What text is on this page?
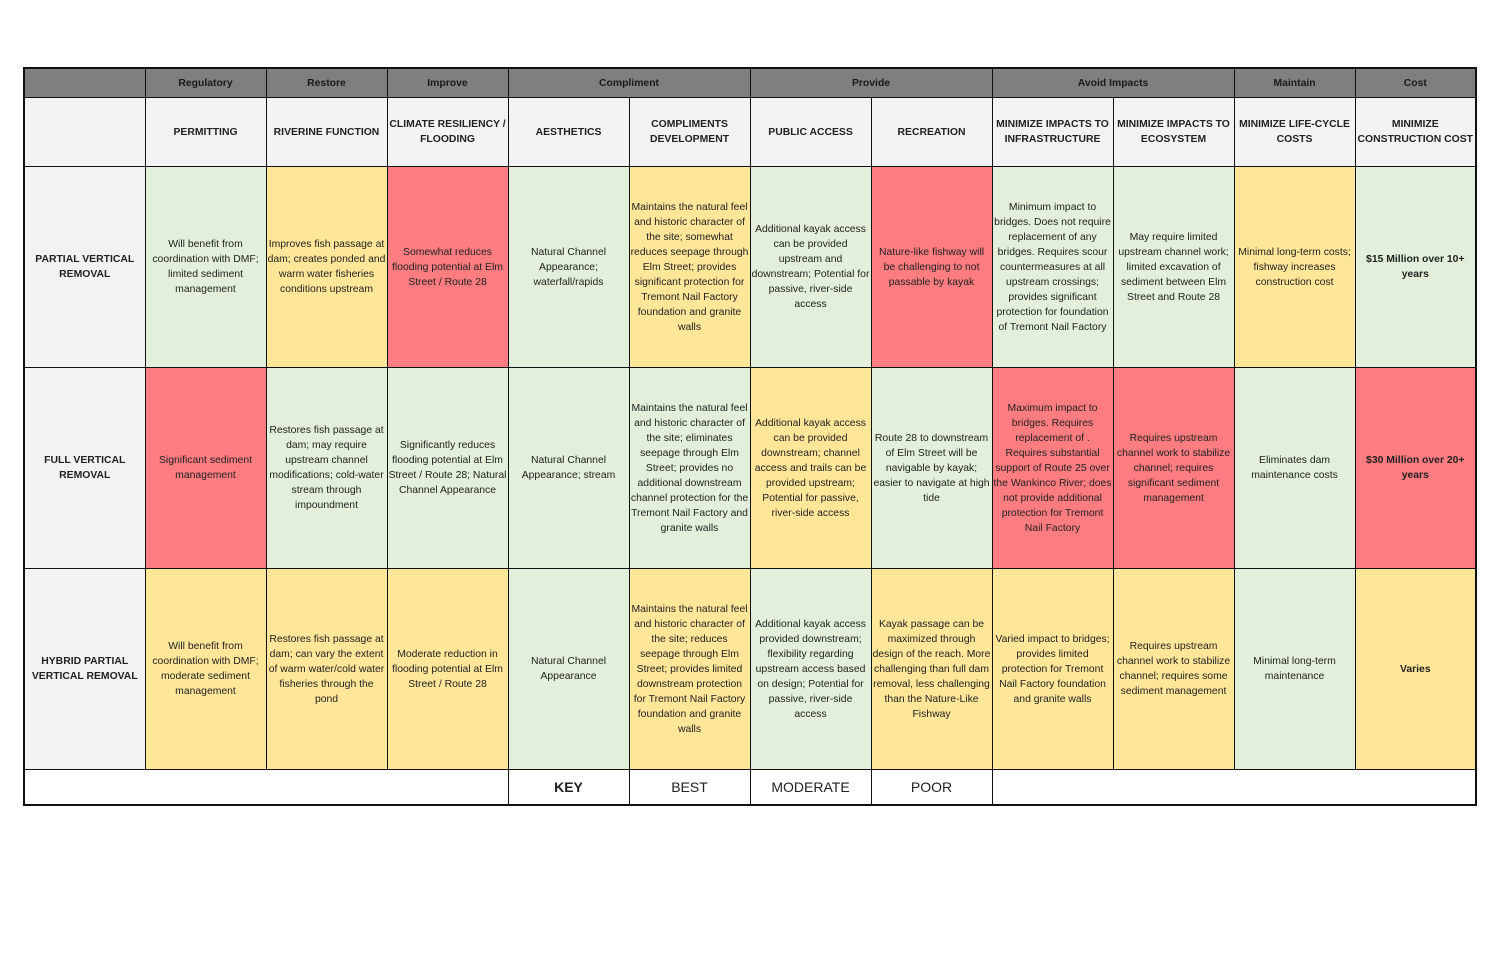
	Regulatory	Restore	Improve	Compliment		Provide		Avoid Impacts		Maintain	Cost
	PERMITTING	RIVERINE FUNCTION	CLIMATE RESILIENCY / FLOODING	AESTHETICS	COMPLIMENTS DEVELOPMENT	PUBLIC ACCESS	RECREATION	MINIMIZE IMPACTS TO INFRASTRUCTURE	MINIMIZE IMPACTS TO ECOSYSTEM	MINIMIZE LIFE-CYCLE COSTS	MINIMIZE CONSTRUCTION COST
PARTIAL VERTICAL REMOVAL	Will benefit from coordination with DMF; limited sediment management	Improves fish passage at dam; creates ponded and warm water fisheries conditions upstream	Somewhat reduces flooding potential at Elm Street / Route 28	Natural Channel Appearance; waterfall/rapids	Maintains the natural feel and historic character of the site; somewhat reduces seepage through Elm Street; provides significant protection for Tremont Nail Factory foundation and granite walls	Additional kayak access can be provided upstream and downstream; Potential for passive, river-side access	Nature-like fishway will be challenging to not passable by kayak	Minimum impact to bridges. Does not require replacement of any bridges. Requires scour countermeasures at all upstream crossings; provides significant protection for foundation of Tremont Nail Factory	May require limited upstream channel work; limited excavation of sediment between Elm Street and Route 28	Minimal long-term costs; fishway increases construction cost	$15 Million over 10+ years
FULL VERTICAL REMOVAL	Significant sediment management	Restores fish passage at dam; may require upstream channel modifications; cold-water stream through impoundment	Significantly reduces flooding potential at Elm Street / Route 28; Natural Channel Appearance	Natural Channel Appearance; stream	Maintains the natural feel and historic character of the site; eliminates seepage through Elm Street; provides no additional downstream channel protection for the Tremont Nail Factory and granite walls	Additional kayak access can be provided downstream; channel access and trails can be provided upstream; Potential for passive, river-side access	Route 28 to downstream of Elm Street will be navigable by kayak; easier to navigate at high tide	Maximum impact to bridges. Requires replacement of . Requires substantial support of Route 25 over the Wankinco River; does not provide additional protection for Tremont Nail Factory	Requires upstream channel work to stabilize channel; requires significant sediment management	Eliminates dam maintenance costs	$30 Million over 20+ years
HYBRID PARTIAL VERTICAL REMOVAL	Will benefit from coordination with DMF; moderate sediment management	Restores fish passage at dam; can vary the extent of warm water/cold water fisheries through the pond	Moderate reduction in flooding potential at Elm Street / Route 28	Natural Channel Appearance	Maintains the natural feel and historic character of the site; reduces seepage through Elm Street; provides limited downstream protection for Tremont Nail Factory foundation and granite walls	Additional kayak access provided downstream; flexibility regarding upstream access based on design; Potential for passive, river-side access	Kayak passage can be maximized through design of the reach. More challenging than full dam removal, less challenging than the Nature-Like Fishway	Varied impact to bridges; provides limited protection for Tremont Nail Factory foundation and granite walls	Requires upstream channel work to stabilize channel; requires some sediment management	Minimal long-term maintenance	Varies
				KEY	BEST	MODERATE	POOR				
